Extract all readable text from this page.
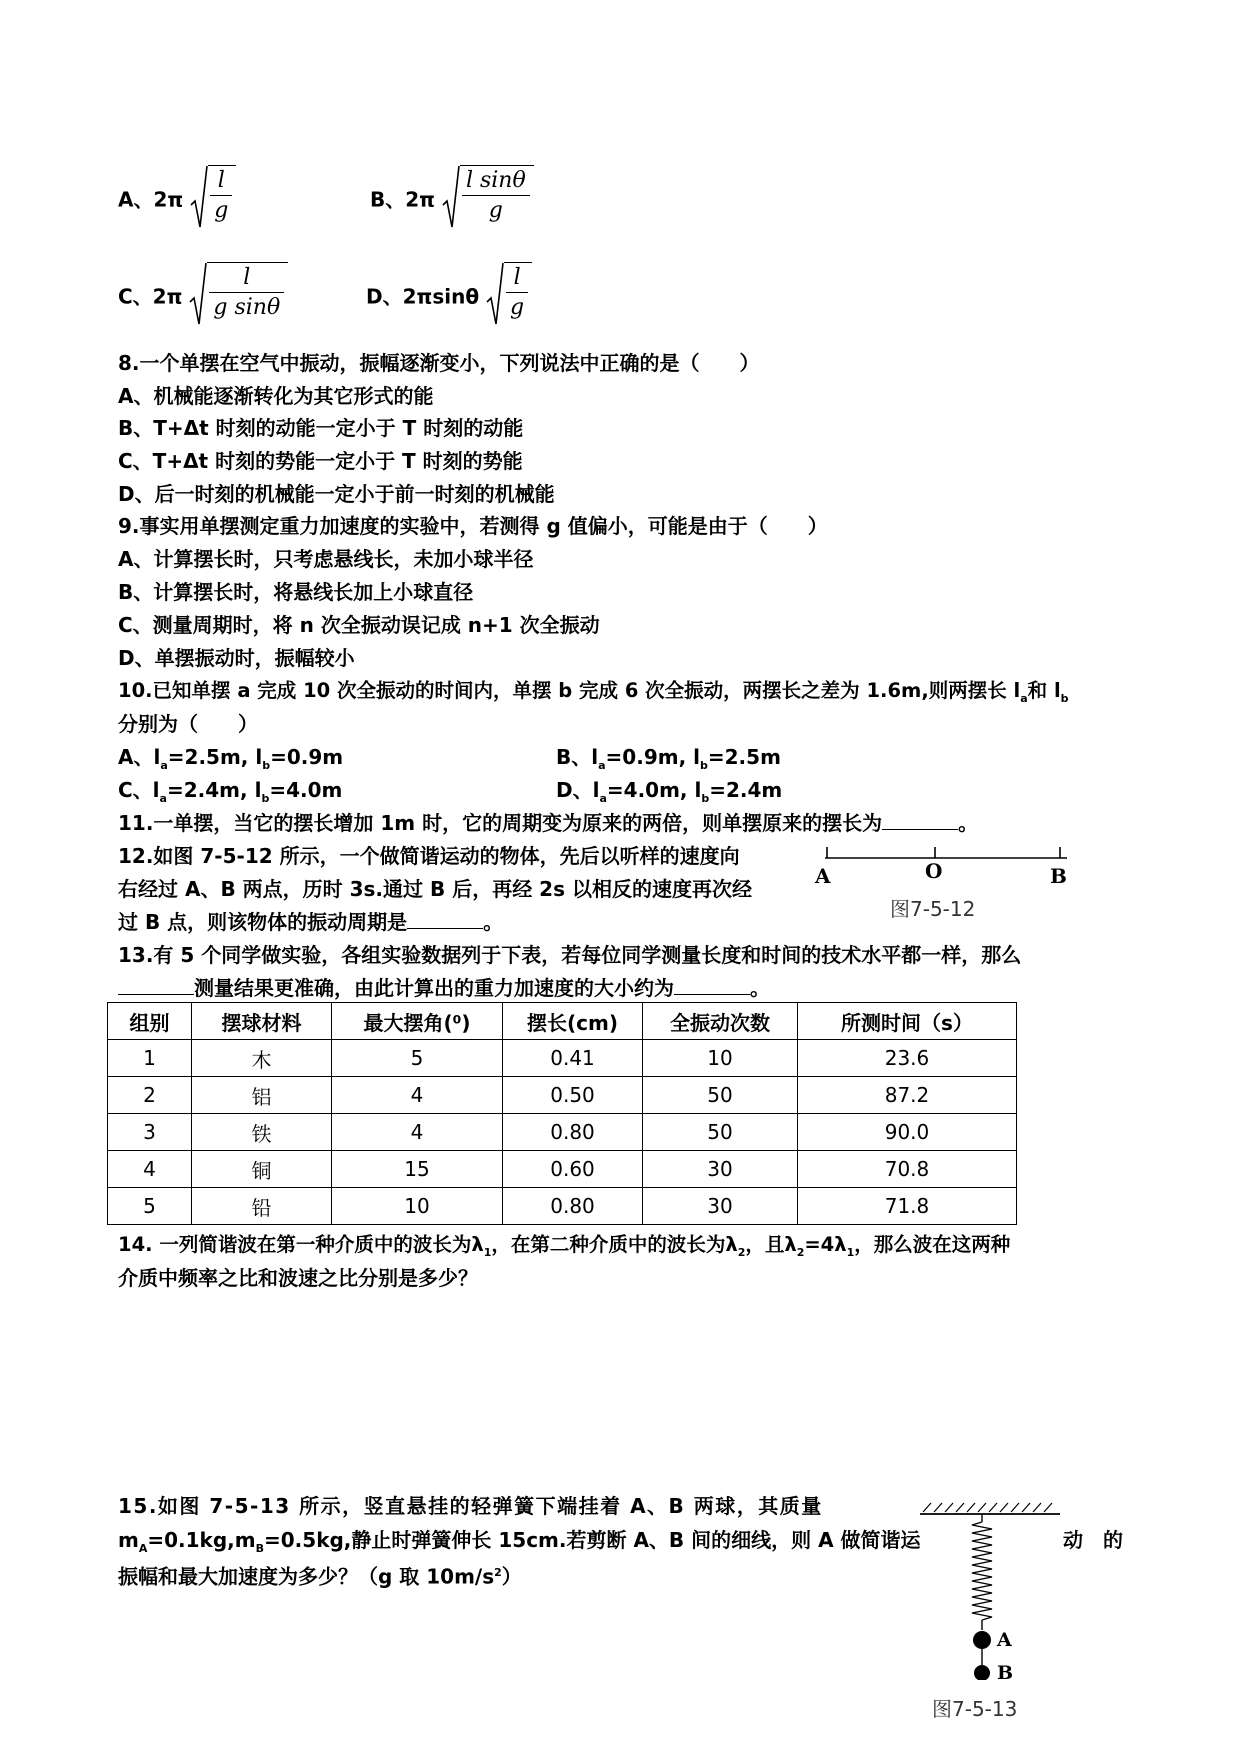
A、$2\pi \frac{l}{g}$	B、$2\pi \frac{\text{l sinθ}}{g}$
C、$2\pi \frac{l}{\text{g sinθ}}$	D、$2\pi\sin\theta \frac{l}{g}$
8.一个单摆在空气中振动，振幅逐渐变小，下列说法中正确的是（　　）
A、机械能逐渐转化为其它形式的能
B、T+Δt 时刻的动能一定小于 T 时刻的动能
C、T+Δt 时刻的势能一定小于 T 时刻的势能
D、后一时刻的机械能一定小于前一时刻的机械能
9.事实用单摆测定重力加速度的实验中，若测得 g 值偏小，可能是由于（　　）
A、计算摆长时，只考虑悬线长，未加小球半径
B、计算摆长时，将悬线长加上小球直径
C、测量周期时，将 n 次全振动误记成 n+1 次全振动
D、单摆振动时，振幅较小
10.已知单摆 a 完成 10 次全振动的时间内，单摆 b 完成 6 次全振动，两摆长之差为 1.6m,则两摆长 $l_a$和 $l_b$
分别为（　　）
A、$l_a=2.5m$, $l_b=0.9m$	B、$l_a=0.9m$, $l_b=2.5m$
C、$l_a=2.4m$, $l_b=4.0m$	D、$l_a=4.0m$, $l_b=2.4m$
11.一单摆，当它的摆长增加 1m 时，它的周期变为原来的两倍，则单摆原来的摆长为	。
12.如图 7-5-12 所示，一个做简谐运动的物体，先后以听样的速度向
右经过 A、B 两点，历时 3s.通过 B 后，再经 2s 以相反的速度再次经
过 B 点，则该物体的振动周期是	。
A	O	B
图7-5-12
13.有 5 个同学做实验，各组实验数据列于下表，若每位同学测量长度和时间的技术水平都一样，那么
测量结果更准确，由此计算出的重力加速度的大小约为	。
组别	摆球材料	最大摆角(⁰)	摆长(cm)	全振动次数	所测时间（s）
1	木	5	0.41	10	23.6
2	铝	4	0.50	50	87.2
3	铁	4	0.80	50	90.0
4	铜	15	0.60	30	70.8
5	铅	10	0.80	30	71.8
14. 一列简谐波在第一种介质中的波长为$\lambda_1$，在第二种介质中的波长为$\lambda_2$，且$\lambda_2=4\lambda_1$，那么波在这两种
介质中频率之比和波速之比分别是多少？
15.如图 7-5-13 所示，竖直悬挂的轻弹簧下端挂着 A、B 两球，其质量
$m_A=0.1kg,m_B=0.5kg$,静止时弹簧伸长 15cm.若剪断 A、B 间的细线，则 A 做简谐运	动　的
振幅和最大加速度为多少？（g 取 $10m/s^2$）
A
B
图7-5-13
